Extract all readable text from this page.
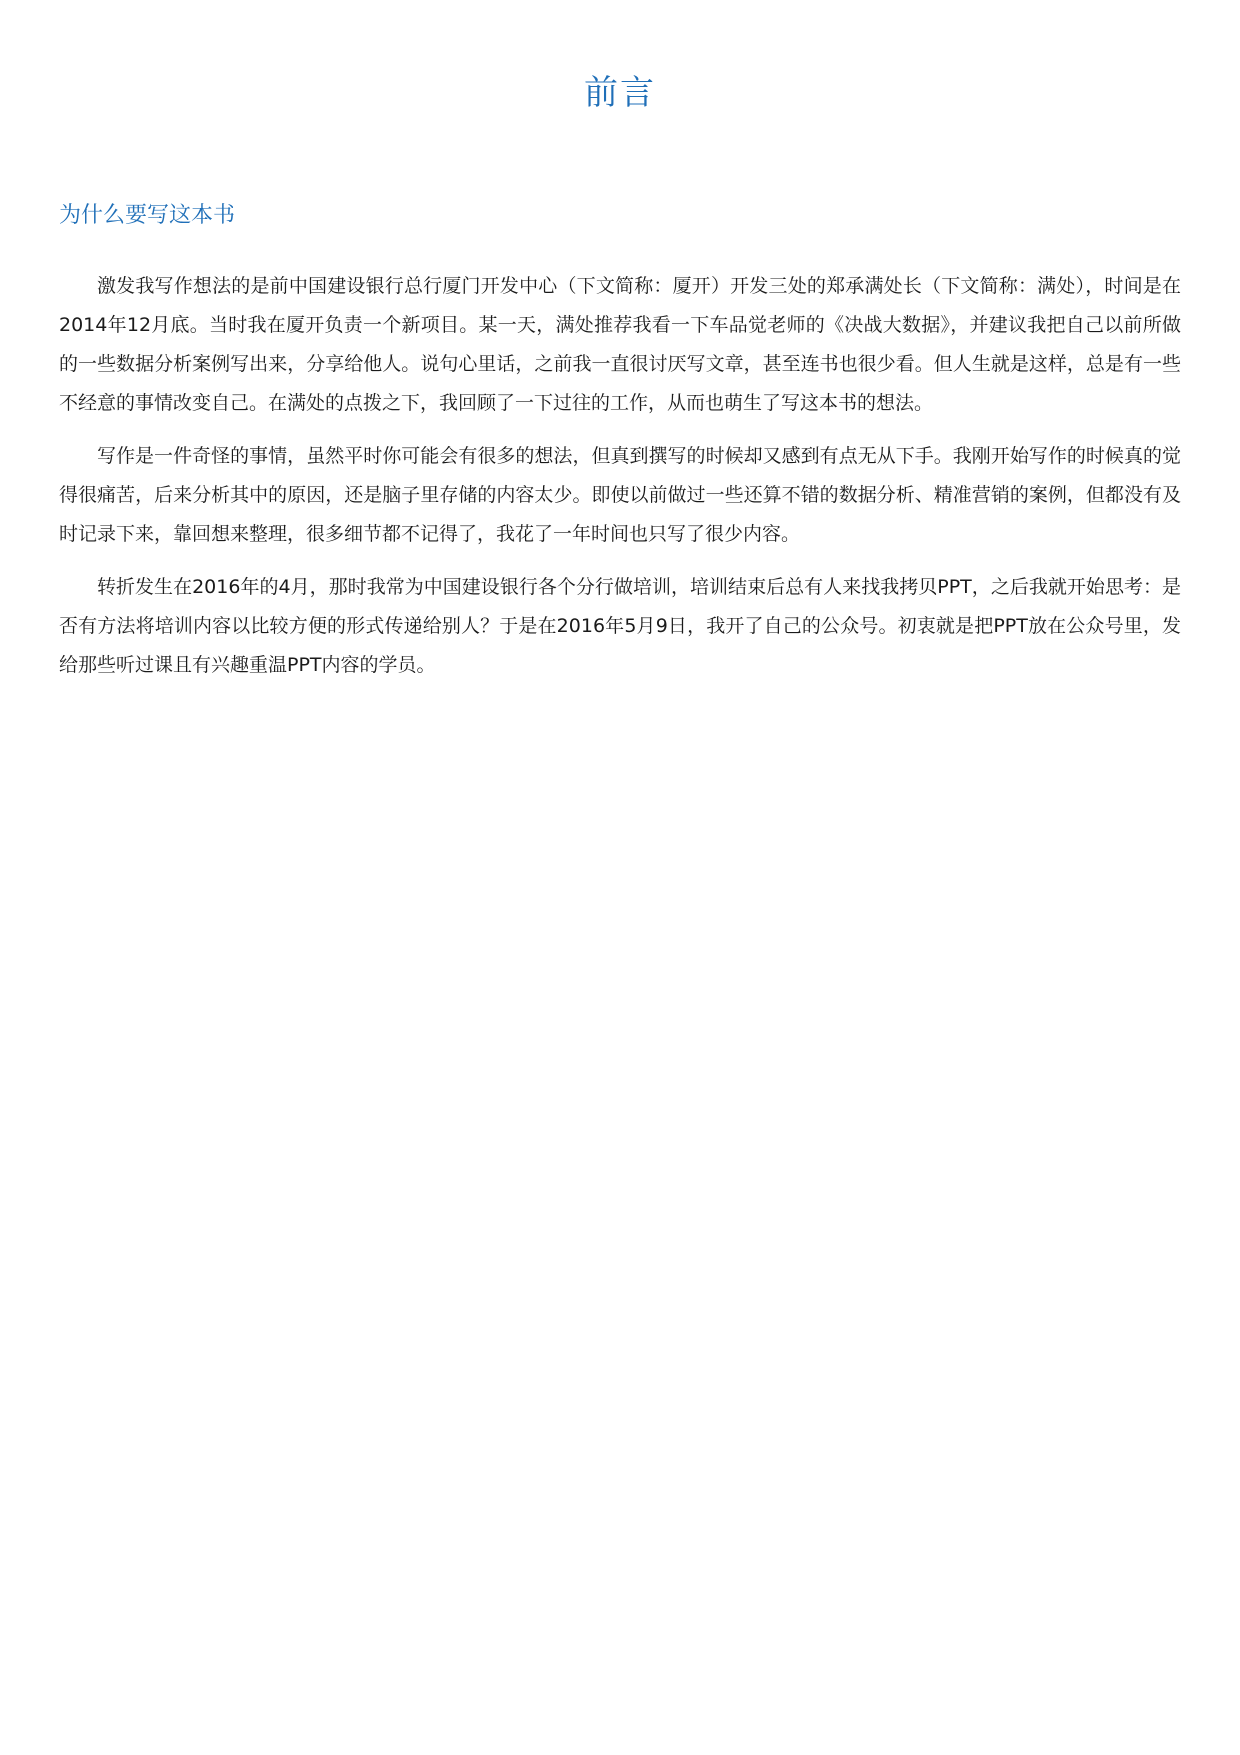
前言
为什么要写这本书

激发我写作想法的是前中国建设银行总行厦门开发中心（下文简称：厦开）开发三处的郑承满处长（下文简称：满处），时间是在2014年12月底。当时我在厦开负责一个新项目。某一天，满处推荐我看一下车品觉老师的《决战大数据》，并建议我把自己以前所做的一些数据分析案例写出来，分享给他人。说句心里话，之前我一直很讨厌写文章，甚至连书也很少看。但人生就是这样，总是有一些不经意的事情改变自己。在满处的点拨之下，我回顾了一下过往的工作，从而也萌生了写这本书的想法。

写作是一件奇怪的事情，虽然平时你可能会有很多的想法，但真到撰写的时候却又感到有点无从下手。我刚开始写作的时候真的觉得很痛苦，后来分析其中的原因，还是脑子里存储的内容太少。即使以前做过一些还算不错的数据分析、精准营销的案例，但都没有及时记录下来，靠回想来整理，很多细节都不记得了，我花了一年时间也只写了很少内容。

转折发生在2016年的4月，那时我常为中国建设银行各个分行做培训，培训结束后总有人来找我拷贝PPT，之后我就开始思考：是否有方法将培训内容以比较方便的形式传递给别人？于是在2016年5月9日，我开了自己的公众号。初衷就是把PPT放在公众号里，发给那些听过课且有兴趣重温PPT内容的学员。
